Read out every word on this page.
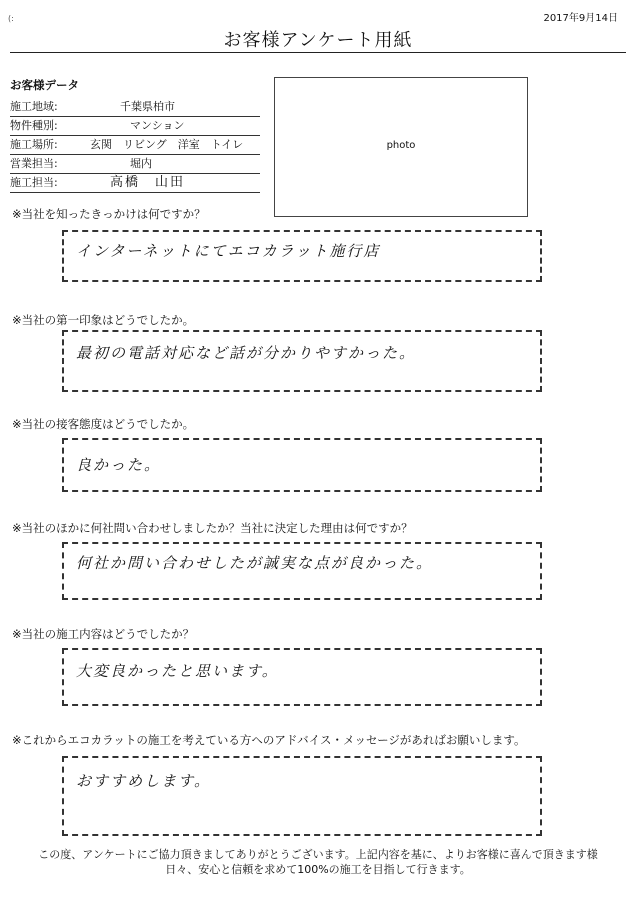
(:	2017年9月14日
お客様アンケート用紙
お客様データ
施工地域:	千葉県柏市
物件種別:	マンション
施工場所:	玄関　リビング　洋室　トイレ
営業担当:	堀内
施工担当:	高橋　山田
photo
※当社を知ったきっかけは何ですか？
インターネットにてエコカラット施行店
※当社の第一印象はどうでしたか。
最初の電話対応など話が分かりやすかった。
※当社の接客態度はどうでしたか。
良かった。
※当社のほかに何社問い合わせしましたか？当社に決定した理由は何ですか？
何社か問い合わせしたが誠実な点が良かった。
※当社の施工内容はどうでしたか？
大変良かったと思います。
※これからエコカラットの施工を考えている方へのアドバイス・メッセージがあればお願いします。
おすすめします。
この度、アンケートにご協力頂きましてありがとうございます。上記内容を基に、よりお客様に喜んで頂きます様
日々、安心と信頼を求めて100%の施工を目指して行きます。
